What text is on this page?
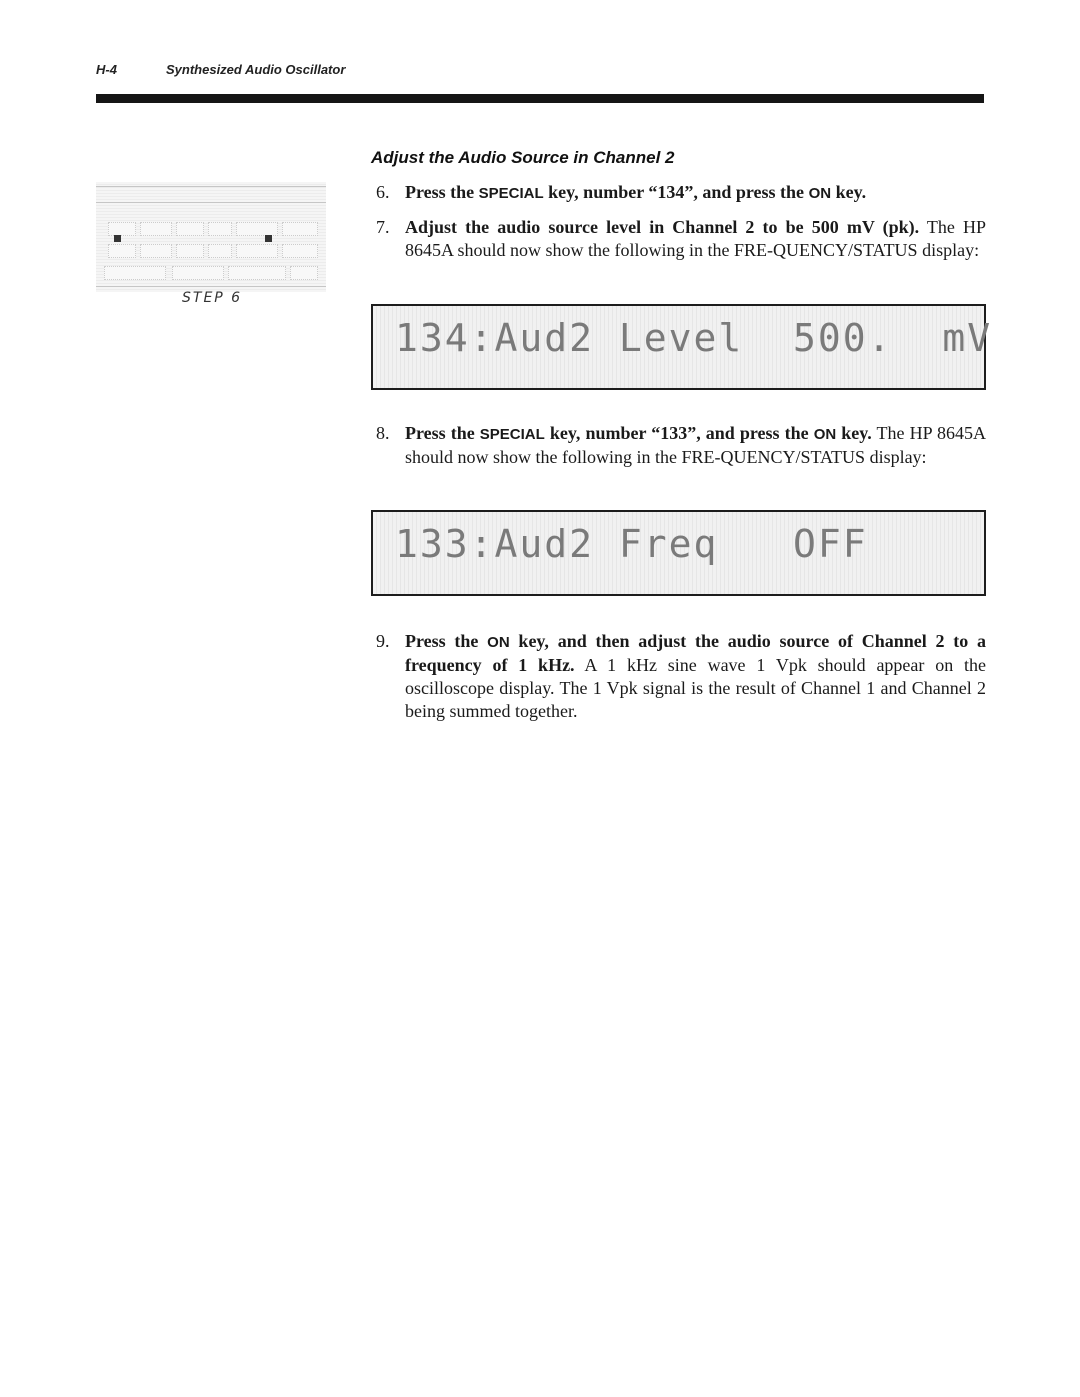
H-4	Synthesized Audio Oscillator
STEP 6
Adjust the Audio Source in Channel 2
6. Press the SPECIAL key, number “134”, and press the ON key.
7. Adjust the audio source level in Channel 2 to be 500 mV (pk). The HP 8645A should now show the following in the FRE-QUENCY/STATUS display:
134:Aud2 Level  500.  mV
8. Press the SPECIAL key, number “133”, and press the ON key. The HP 8645A should now show the following in the FRE-QUENCY/STATUS display:
133:Aud2 Freq   OFF
9. Press the ON key, and then adjust the audio source of Channel 2 to a frequency of 1 kHz. A 1 kHz sine wave 1 Vpk should appear on the oscilloscope display. The 1 Vpk signal is the result of Channel 1 and Channel 2 being summed together.
